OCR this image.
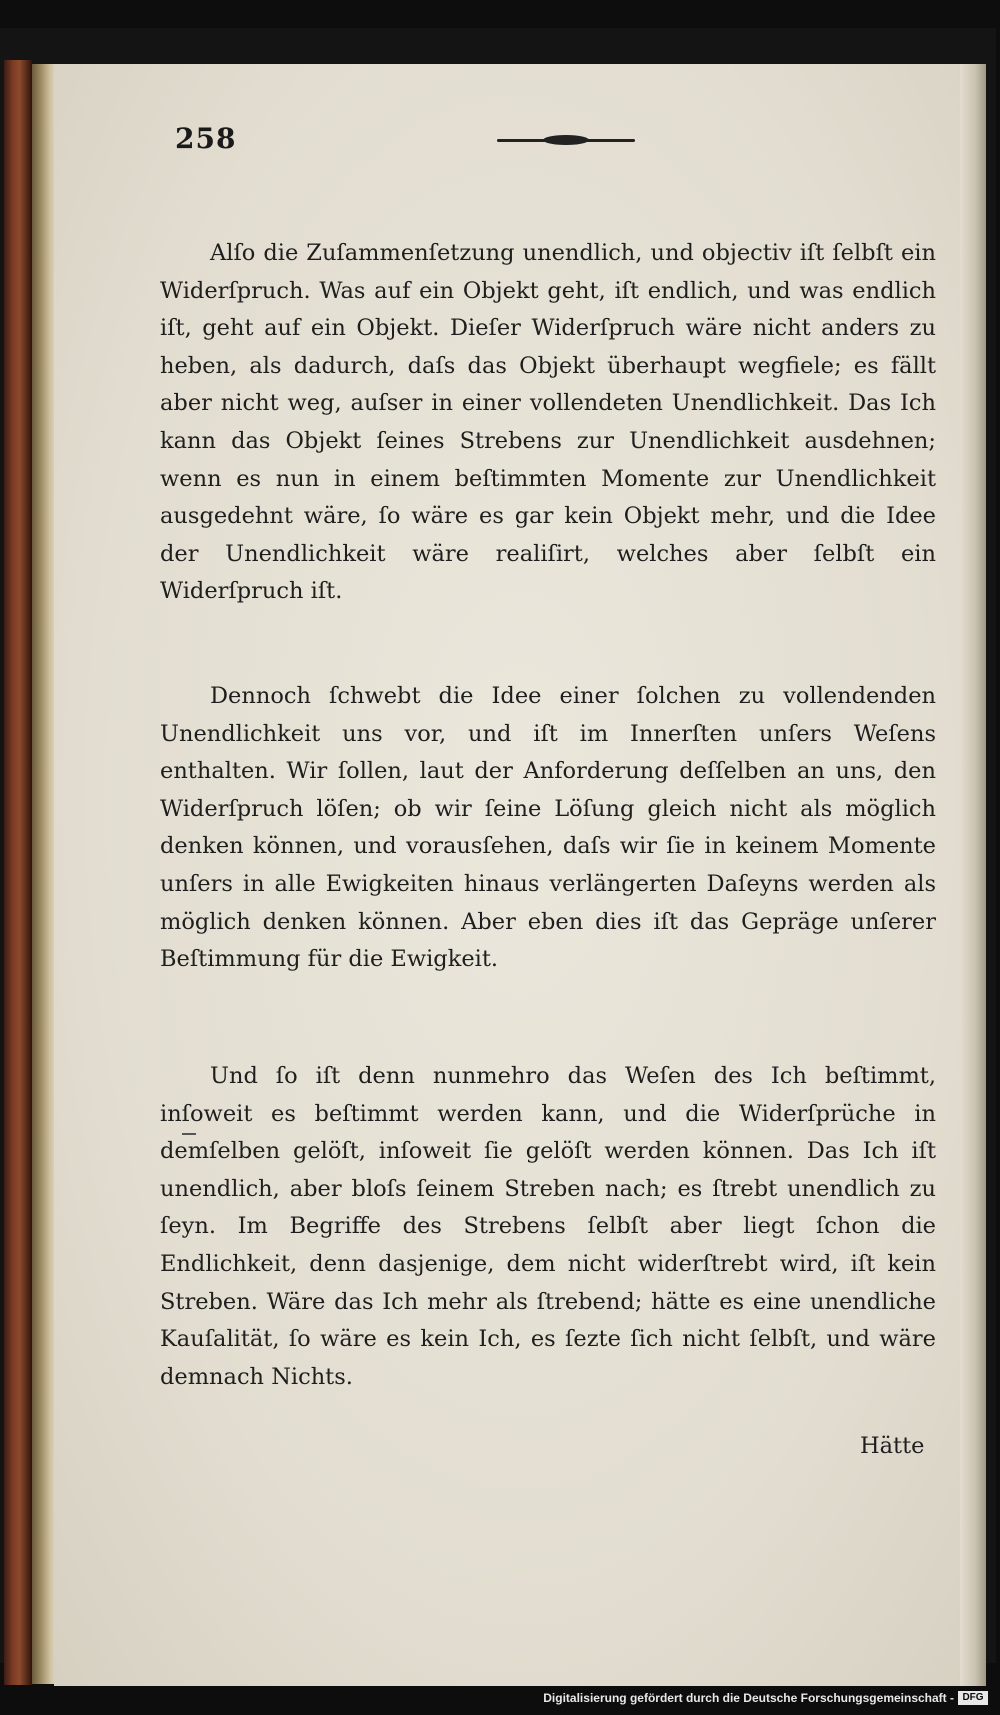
258

Alſo die Zuſammenſetzung unendlich, und objectiv iſt ſelbſt ein Widerſpruch. Was auf ein Objekt geht, iſt endlich, und was endlich iſt, geht auf ein Objekt. Dieſer Widerſpruch wäre nicht anders zu heben, als dadurch, daſs das Objekt überhaupt wegfiele; es fällt aber nicht weg, auſser in einer vollendeten Unendlichkeit. Das Ich kann das Objekt ſeines Strebens zur Unendlichkeit ausdehnen; wenn es nun in einem beſtimmten Momente zur Unendlichkeit ausgedehnt wäre, ſo wäre es gar kein Objekt mehr, und die Idee der Unendlichkeit wäre realiſirt, welches aber ſelbſt ein Widerſpruch iſt.

Dennoch ſchwebt die Idee einer ſolchen zu vollendenden Unendlichkeit uns vor, und iſt im Innerſten unſers Weſens enthalten. Wir ſollen, laut der Anforderung deſſelben an uns, den Widerſpruch löſen; ob wir ſeine Löſung gleich nicht als möglich denken können, und vorausſehen, daſs wir ſie in keinem Momente unſers in alle Ewigkeiten hinaus verlängerten Daſeyns werden als möglich denken können. Aber eben dies iſt das Gepräge unſerer Beſtimmung für die Ewigkeit.

Und ſo iſt denn nunmehro das Weſen des Ich beſtimmt, inſoweit es beſtimmt werden kann, und die Widerſprüche in demſelben gelöſt, inſoweit ſie gelöſt werden können. Das Ich iſt unendlich, aber bloſs ſeinem Streben nach; es ſtrebt unendlich zu ſeyn. Im Begriffe des Strebens ſelbſt aber liegt ſchon die Endlichkeit, denn dasjenige, dem nicht widerſtrebt wird, iſt kein Streben. Wäre das Ich mehr als ſtrebend; hätte es eine unendliche Kauſalität, ſo wäre es kein Ich, es ſezte ſich nicht ſelbſt, und wäre demnach Nichts.

Hätte
Digitalisierung gefördert durch die Deutsche Forschungsgemeinschaft - DFG
